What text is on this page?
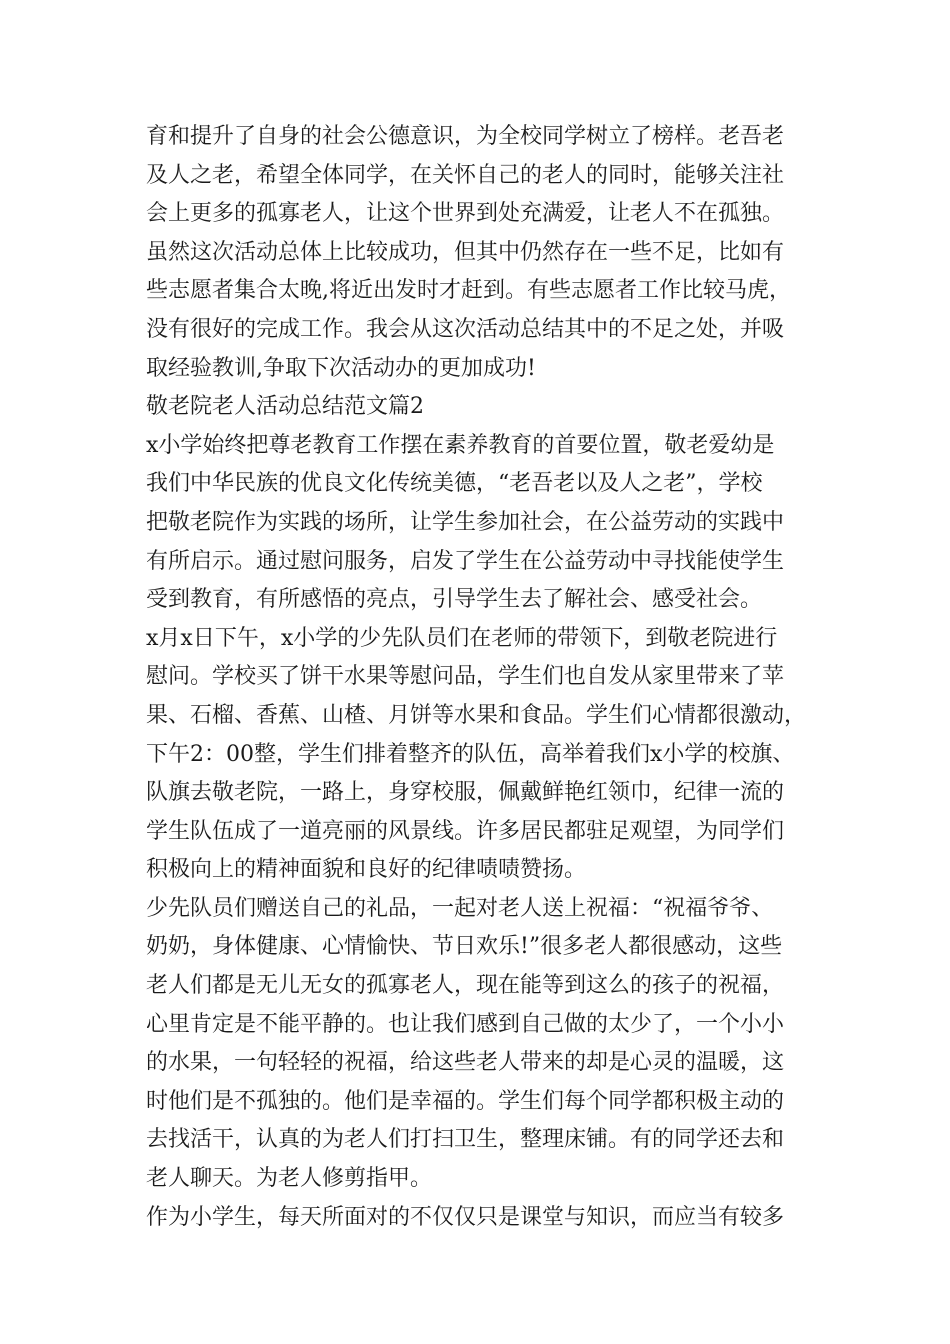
育和提升了自身的社会公德意识，为全校同学树立了榜样。老吾老
及人之老，希望全体同学，在关怀自己的老人的同时，能够关注社
会上更多的孤寡老人，让这个世界到处充满爱，让老人不在孤独。
虽然这次活动总体上比较成功，但其中仍然存在一些不足，比如有
些志愿者集合太晚,将近出发时才赶到。有些志愿者工作比较马虎，
没有很好的完成工作。我会从这次活动总结其中的不足之处，并吸
取经验教训,争取下次活动办的更加成功!
敬老院老人活动总结范文篇2
x小学始终把尊老教育工作摆在素养教育的首要位置，敬老爱幼是
我们中华民族的优良文化传统美德，“老吾老以及人之老”，学校
把敬老院作为实践的场所，让学生参加社会，在公益劳动的实践中
有所启示。通过慰问服务，启发了学生在公益劳动中寻找能使学生
受到教育，有所感悟的亮点，引导学生去了解社会、感受社会。
x月x日下午，x小学的少先队员们在老师的带领下，到敬老院进行
慰问。学校买了饼干水果等慰问品，学生们也自发从家里带来了苹
果、石榴、香蕉、山楂、月饼等水果和食品。学生们心情都很激动，
下午2：00整，学生们排着整齐的队伍，高举着我们x小学的校旗、
队旗去敬老院，一路上，身穿校服，佩戴鲜艳红领巾，纪律一流的
学生队伍成了一道亮丽的风景线。许多居民都驻足观望，为同学们
积极向上的精神面貌和良好的纪律啧啧赞扬。
少先队员们赠送自己的礼品，一起对老人送上祝福：“祝福爷爷、
奶奶，身体健康、心情愉快、节日欢乐!”很多老人都很感动，这些
老人们都是无儿无女的孤寡老人，现在能等到这么的孩子的祝福，
心里肯定是不能平静的。也让我们感到自己做的太少了，一个小小
的水果，一句轻轻的祝福，给这些老人带来的却是心灵的温暖，这
时他们是不孤独的。他们是幸福的。学生们每个同学都积极主动的
去找活干，认真的为老人们打扫卫生，整理床铺。有的同学还去和
老人聊天。为老人修剪指甲。
作为小学生，每天所面对的不仅仅只是课堂与知识，而应当有较多
